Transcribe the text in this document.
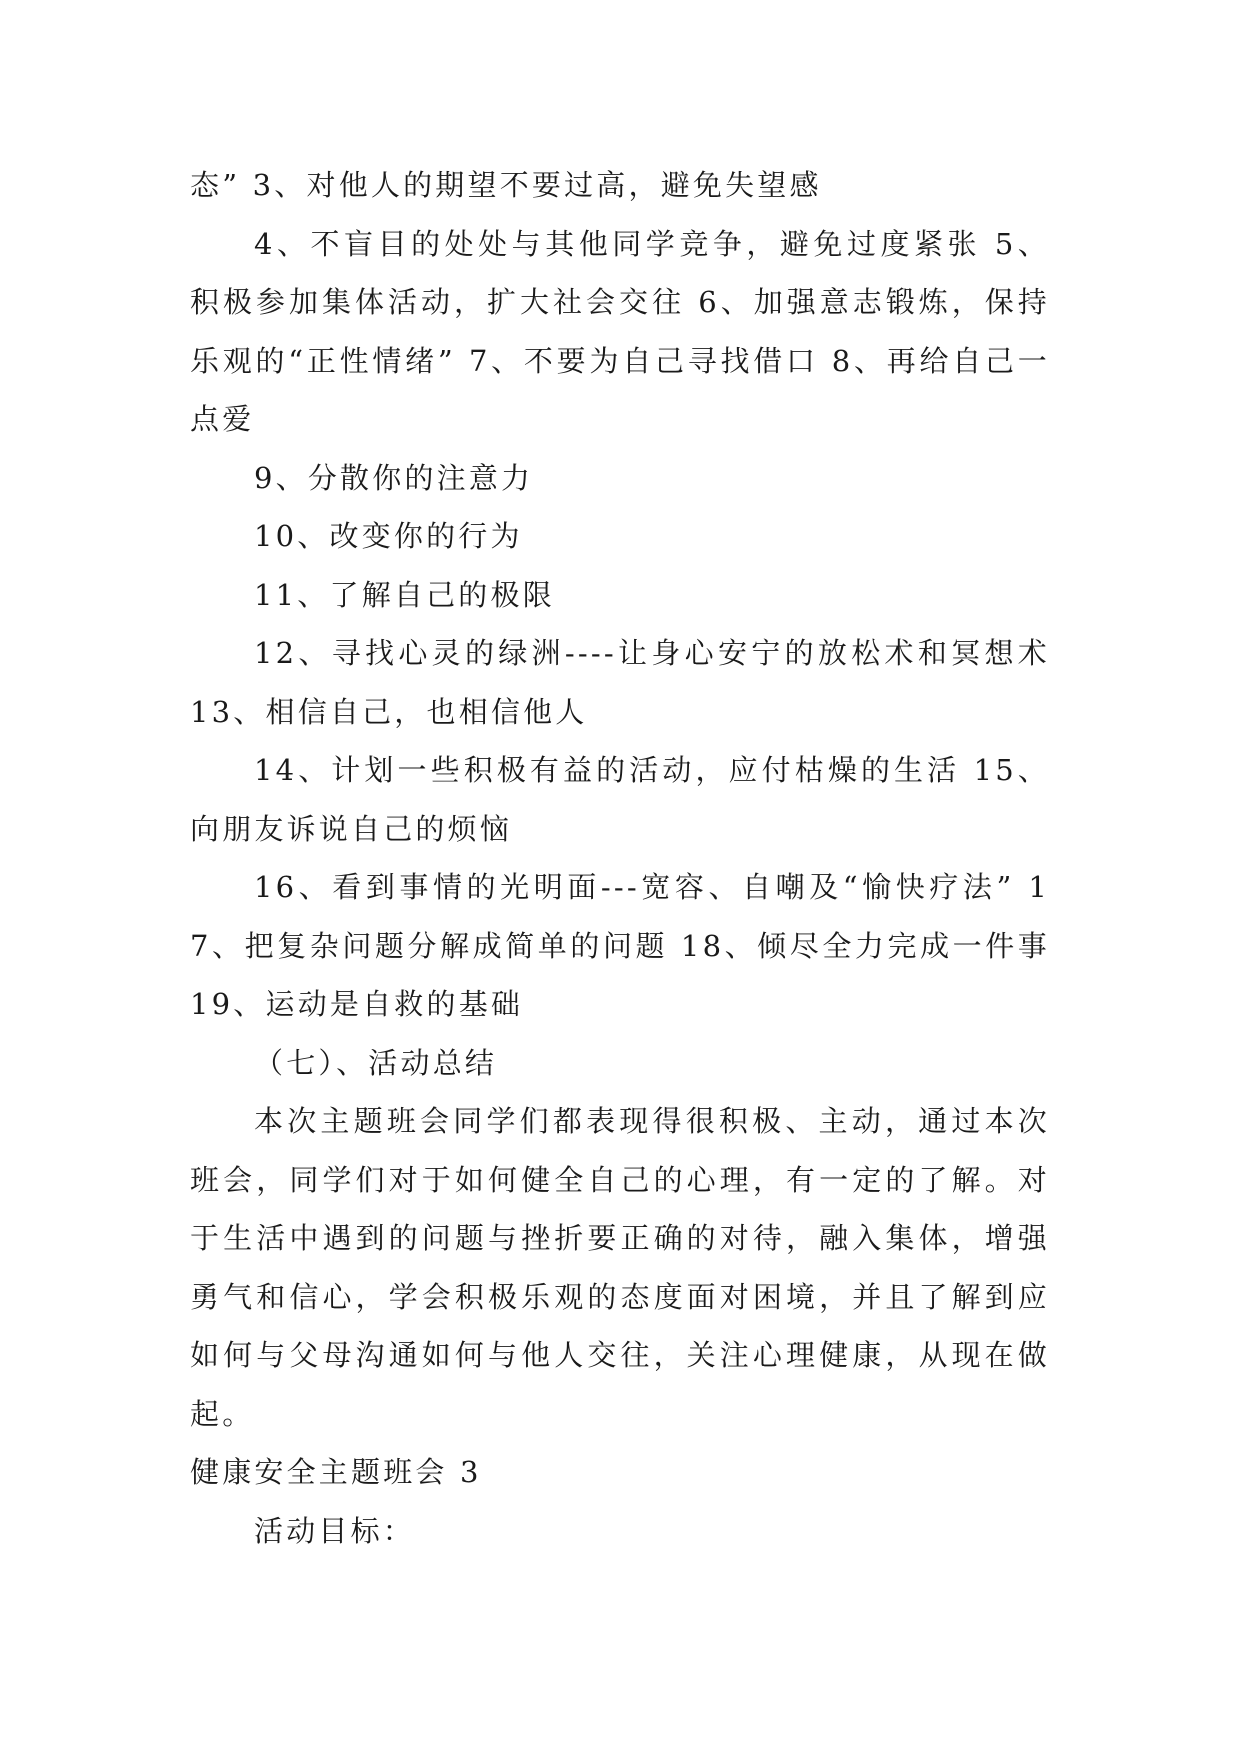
态” 3、对他人的期望不要过高，避免失望感

4、不盲目的处处与其他同学竞争，避免过度紧张 5、积极参加集体活动，扩大社会交往 6、加强意志锻炼，保持乐观的“正性情绪” 7、不要为自己寻找借口 8、再给自己一点爱

9、分散你的注意力

10、改变你的行为

11、了解自己的极限

12、寻找心灵的绿洲----让身心安宁的放松术和冥想术 13、相信自己，也相信他人

14、计划一些积极有益的活动，应付枯燥的生活 15、向朋友诉说自己的烦恼

16、看到事情的光明面---宽容、自嘲及“愉快疗法” 17、把复杂问题分解成简单的问题 18、倾尽全力完成一件事 19、运动是自救的基础

（七）、活动总结

本次主题班会同学们都表现得很积极、主动，通过本次班会，同学们对于如何健全自己的心理，有一定的了解。对于生活中遇到的问题与挫折要正确的对待，融入集体，增强勇气和信心，学会积极乐观的态度面对困境，并且了解到应如何与父母沟通如何与他人交往，关注心理健康，从现在做起。

健康安全主题班会 3

活动目标：
